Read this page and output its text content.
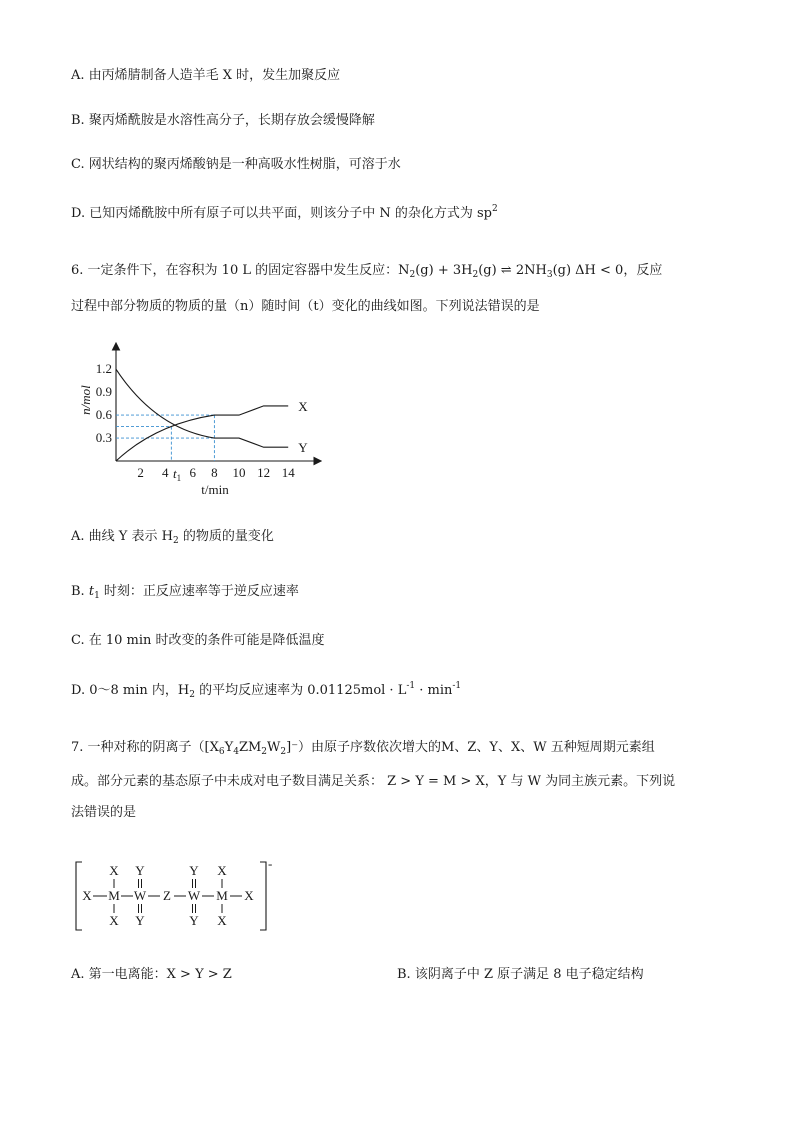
A. 由丙烯腈制备人造羊毛 X 时，发生加聚反应
B. 聚丙烯酰胺是水溶性高分子，长期存放会缓慢降解
C. 网状结构的聚丙烯酸钠是一种高吸水性树脂，可溶于水
D. 已知丙烯酰胺中所有原子可以共平面，则该分子中 N 的杂化方式为 $sp^2$
6. 一定条件下，在容积为 10 L 的固定容器中发生反应：$N_2(g) + 3H_2(g)$ ⇌ $2NH_3(g) \Delta H < 0$，反应
过程中部分物质的物质的量（n）随时间（t）变化的曲线如图。下列说法错误的是
1.2
0.9
0.6
0.3
2 4 6 8 10 12 14
X
Y
n/mol
t/min
$t_1$
A. 曲线 Y 表示 $H_2$ 的物质的量变化
B. $t_1$ 时刻：正反应速率等于逆反应速率
C. 在 10 min 时改变的条件可能是降低温度
D. 0～8 min 内，$H_2$ 的平均反应速率为 $0.01125mol \cdot L^{-1} \cdot \min^{-1}$
7. 一种对称的阴离子$([X_6Y_4ZM_2W_2]^-)$由原子序数依次增大的M、Z、Y、X、W 五种短周期元素组
成。部分元素的基态原子中未成对电子数目满足关系： Z > Y = M > X，Y 与 W 为同主族元素。下列说
法错误的是
-
X Y	Y X
X M W Z W M X
X Y	Y X
A. 第一电离能：X > Y > Z	B. 该阴离子中 Z 原子满足 8 电子稳定结构
